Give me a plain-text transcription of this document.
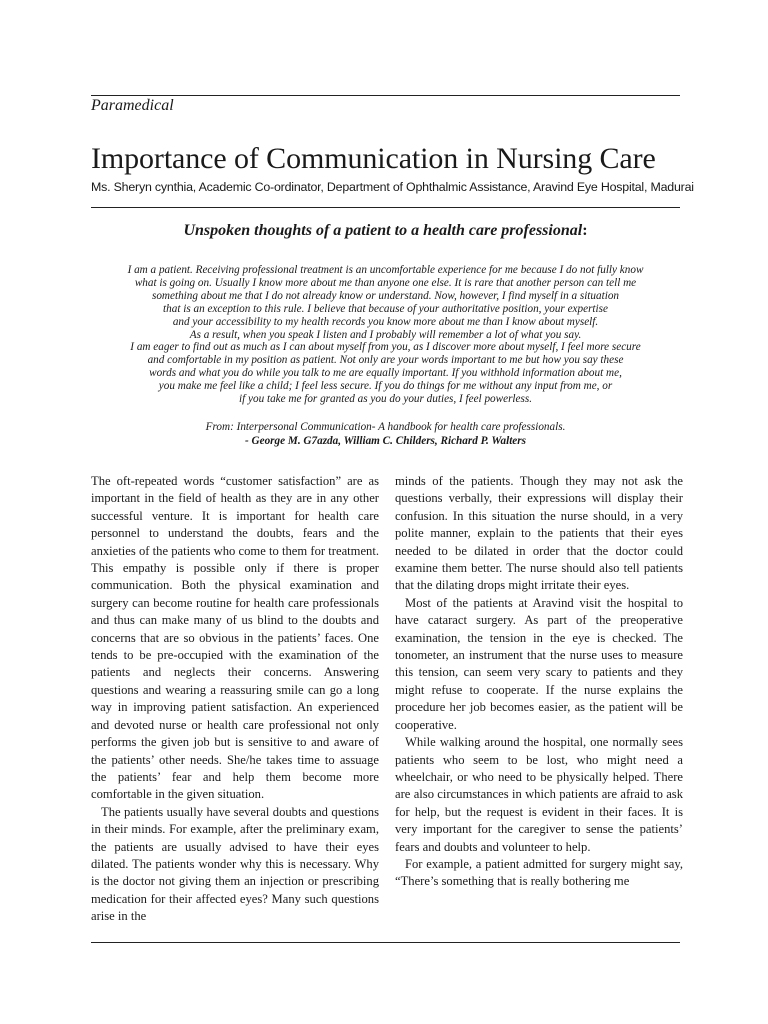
Paramedical
Importance of Communication in Nursing Care
Ms. Sheryn cynthia, Academic Co-ordinator, Department of Ophthalmic Assistance, Aravind Eye Hospital, Madurai
Unspoken thoughts of a patient to a health care professional:
I am a patient. Receiving professional treatment is an uncomfortable experience for me because I do not fully know
what is going on. Usually I know more about me than anyone one else. It is rare that another person can tell me
something about me that I do not already know or understand. Now, however, I find myself in a situation
that is an exception to this rule. I believe that because of your authoritative position, your expertise
and your accessibility to my health records you know more about me than I know about myself.
As a result, when you speak I listen and I probably will remember a lot of what you say.
I am eager to find out as much as I can about myself from you, as I discover more about myself, I feel more secure
and comfortable in my position as patient. Not only are your words important to me but how you say these
words and what you do while you talk to me are equally important. If you withhold information about me,
you make me feel like a child; I feel less secure. If you do things for me without any input from me, or
if you take me for granted as you do your duties, I feel powerless.
From: Interpersonal Communication- A handbook for health care professionals.
- George M. G7azda, William C. Childers, Richard P. Walters

The oft-repeated words “customer satisfaction” are as important in the field of health as they are in any other successful venture. It is important for health care personnel to understand the doubts, fears and the anxieties of the patients who come to them for treatment. This empathy is possible only if there is proper communication. Both the physical examination and surgery can become routine for health care professionals and thus can make many of us blind to the doubts and concerns that are so obvious in the patients’ faces. One tends to be pre-occupied with the examination of the patients and neglects their concerns. Answering questions and wearing a reassuring smile can go a long way in improving patient satisfaction. An experienced and devoted nurse or health care professional not only performs the given job but is sensitive to and aware of the patients’ other needs. She/he takes time to assuage the patients’ fear and help them become more comfortable in the given situation.

The patients usually have several doubts and questions in their minds. For example, after the preliminary exam, the patients are usually advised to have their eyes dilated. The patients wonder why this is necessary. Why is the doctor not giving them an injection or prescribing medication for their affected eyes? Many such questions arise in the

minds of the patients. Though they may not ask the questions verbally, their expressions will display their confusion. In this situation the nurse should, in a very polite manner, explain to the patients that their eyes needed to be dilated in order that the doctor could examine them better. The nurse should also tell patients that the dilating drops might irritate their eyes.

Most of the patients at Aravind visit the hospital to have cataract surgery. As part of the preoperative examination, the tension in the eye is checked. The tonometer, an instrument that the nurse uses to measure this tension, can seem very scary to patients and they might refuse to cooperate. If the nurse explains the procedure her job becomes easier, as the patient will be cooperative.

While walking around the hospital, one normally sees patients who seem to be lost, who might need a wheelchair, or who need to be physically helped. There are also circumstances in which patients are afraid to ask for help, but the request is evident in their faces. It is very important for the caregiver to sense the patients’ fears and doubts and volunteer to help.

For example, a patient admitted for surgery might say, “There’s something that is really bothering me
